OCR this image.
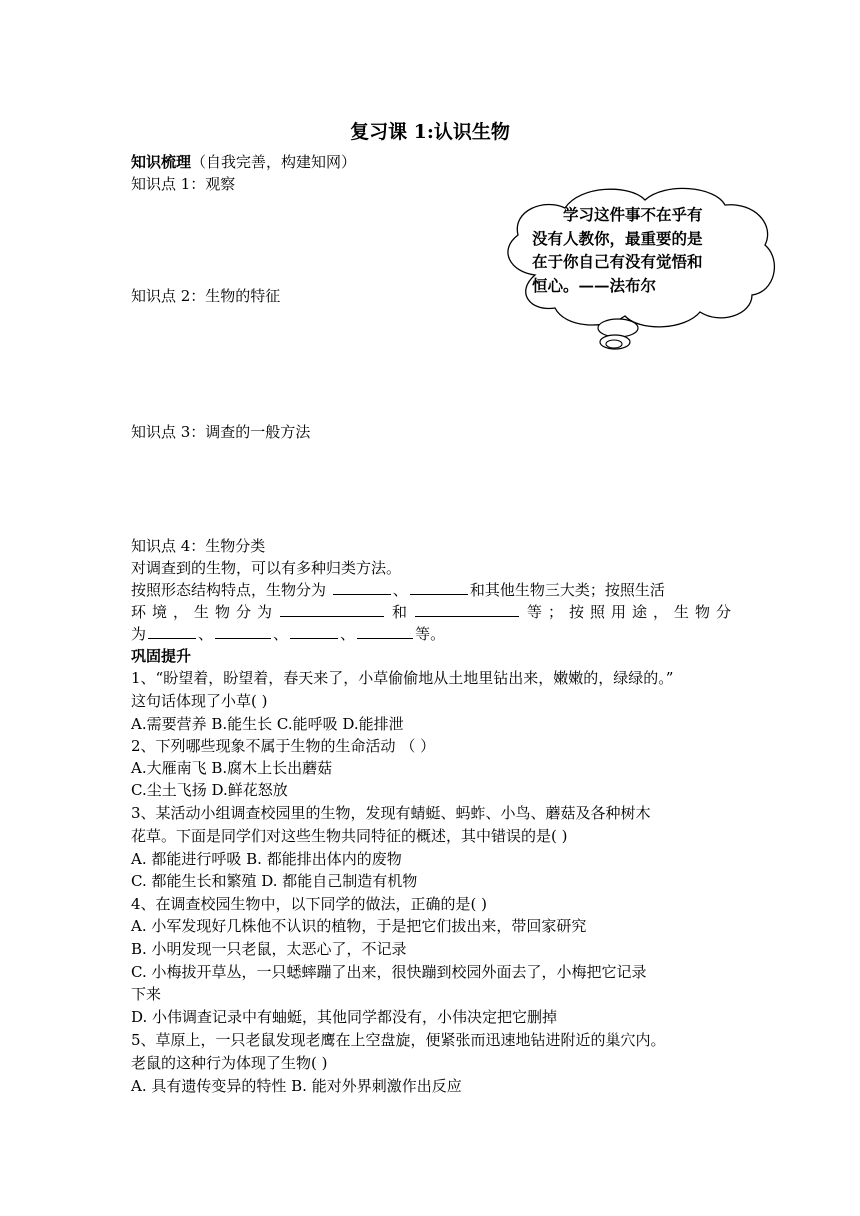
复习课 1:认识生物
知识梳理（自我完善，构建知网）
知识点 1：观察
学习这件事不在乎有
没有人教你，最重要的是
在于你自己有没有觉悟和
恒心。——法布尔
知识点 2：生物的特征
知识点 3：调查的一般方法
知识点 4：生物分类
对调查到的生物，可以有多种归类方法。
按照形态结构特点，生物分为	、	和其他生物三大类；按照生活
环境，生物分为	和	等；按照用途，生物分
为	、	、	、	等。
巩固提升
1、“盼望着，盼望着，春天来了，小草偷偷地从土地里钻出来，嫩嫩的，绿绿的。”
这句话体现了小草( )
A.需要营养 B.能生长 C.能呼吸 D.能排泄
2、下列哪些现象不属于生物的生命活动 （ ）
A.大雁南飞 B.腐木上长出蘑菇
C.尘土飞扬 D.鲜花怒放
3、某活动小组调查校园里的生物，发现有蜻蜓、蚂蚱、小鸟、蘑菇及各种树木
花草。下面是同学们对这些生物共同特征的概述，其中错误的是( )
A. 都能进行呼吸 B. 都能排出体内的废物
C. 都能生长和繁殖 D. 都能自己制造有机物
4、在调查校园生物中，以下同学的做法，正确的是( )
A. 小军发现好几株他不认识的植物，于是把它们拔出来，带回家研究
B. 小明发现一只老鼠，太恶心了，不记录
C. 小梅拔开草丛，一只蟋蟀蹦了出来，很快蹦到校园外面去了，小梅把它记录
下来
D. 小伟调查记录中有蚰蜓，其他同学都没有，小伟决定把它删掉
5、草原上，一只老鼠发现老鹰在上空盘旋，便紧张而迅速地钻进附近的巢穴内。
老鼠的这种行为体现了生物( )
A. 具有遗传变异的特性 B. 能对外界刺激作出反应
